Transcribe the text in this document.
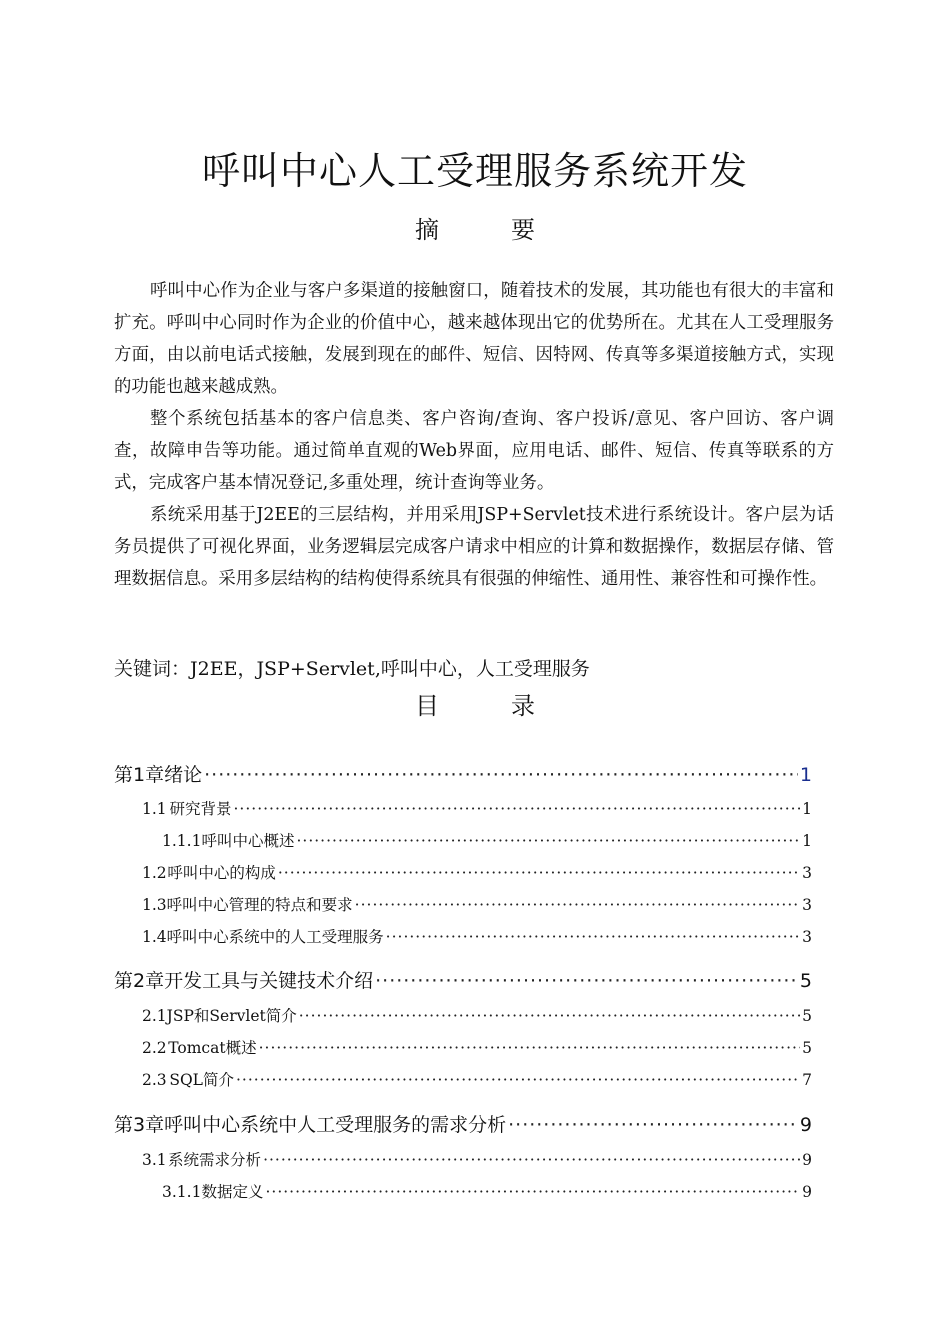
呼叫中心人工受理服务系统开发
摘　要

呼叫中心作为企业与客户多渠道的接触窗口，随着技术的发展，其功能也有很大的丰富和扩充。呼叫中心同时作为企业的价值中心，越来越体现出它的优势所在。尤其在人工受理服务方面，由以前电话式接触，发展到现在的邮件、短信、因特网、传真等多渠道接触方式，实现的功能也越来越成熟。

整个系统包括基本的客户信息类、客户咨询/查询、客户投诉/意见、客户回访、客户调查，故障申告等功能。通过简单直观的Web界面，应用电话、邮件、短信、传真等联系的方式，完成客户基本情况登记,多重处理，统计查询等业务。

系统采用基于J2EE的三层结构，并用采用JSP+Servlet技术进行系统设计。客户层为话务员提供了可视化界面，业务逻辑层完成客户请求中相应的计算和数据操作，数据层存储、管理数据信息。采用多层结构的结构使得系统具有很强的伸缩性、通用性、兼容性和可操作性。

关键词：J2EE，JSP+Servlet,呼叫中心，人工受理服务
目　录
第1章 绪论 ·····	1
1.1 研究背景 ·····	1
1.1.1 呼叫中心概述 ·····	1
1.2 呼叫中心的构成 ·····	3
1.3 呼叫中心管理的特点和要求 ·····	3
1.4 呼叫中心系统中的人工受理服务 ·····	3
第2章 开发工具与关键技术介绍 ·····	5
2.1 JSP和Servlet简介 ·····	5
2.2 Tomcat概述 ·····	5
2.3 SQL简介 ·····	7
第3章 呼叫中心系统中人工受理服务的需求分析 ·····	9
3.1 系统需求分析 ·····	9
3.1.1 数据定义 ·····	9
